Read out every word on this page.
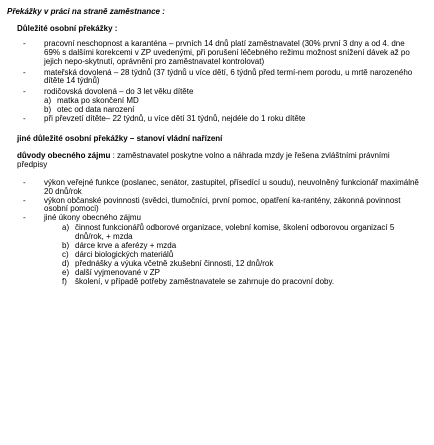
Překážky v práci na straně zaměstnance :
Důležité osobní překážky :
- pracovní neschopnost a karanténa – prvních 14 dnů platí zaměstnavatel (30% první 3 dny a od 4. dne 69% s dalšími korekcemi v ZP uvedenými, při porušení léčebného režimu možnost snížení dávek až po jejich nepo-skytnutí, oprávnění pro zaměstnavatel kontrolovat)
- mateřská dovolená – 28 týdnů (37 týdnů u více dětí, 6 týdnů před termí-nem porodu, u mrtě narozeného dítěte 14 týdnů)
- rodičovská dovolená – do 3 let věku dítěte
a) matka po skončení MD
b) otec od data narození
- při převzetí dítěte– 22 týdnů, u více dětí 31 týdnů, nejdéle do 1 roku dítěte
jiné důležité osobní překážky – stanoví vládní nařízení
důvody obecného zájmu : zaměstnavatel poskytne volno a náhrada mzdy je řešena zvláštními právními předpisy
- výkon veřejné funkce (poslanec, senátor, zastupitel, přísedící u soudu), neuvolněný funkcionář maximálně 20 dnů/rok
- výkon občanské povinnosti (svědci, tlumočníci, první pomoc, opatření ka-rantény, zákonná povinnost osobní pomoci)
- jiné úkony obecného zájmu
a) činnost funkcionářů odborové organizace, volební komise, školení odborovou organizací 5 dnů/rok, + mzda
b) dárce krve a aferézy + mzda
c) dárci biologických materiálů
d) přednášky a výuka včetně zkušební činnosti, 12 dnů/rok
e) další vyjmenované v ZP
f) školení, v případě potřeby zaměstnavatele se zahrnuje do pracovní doby.
